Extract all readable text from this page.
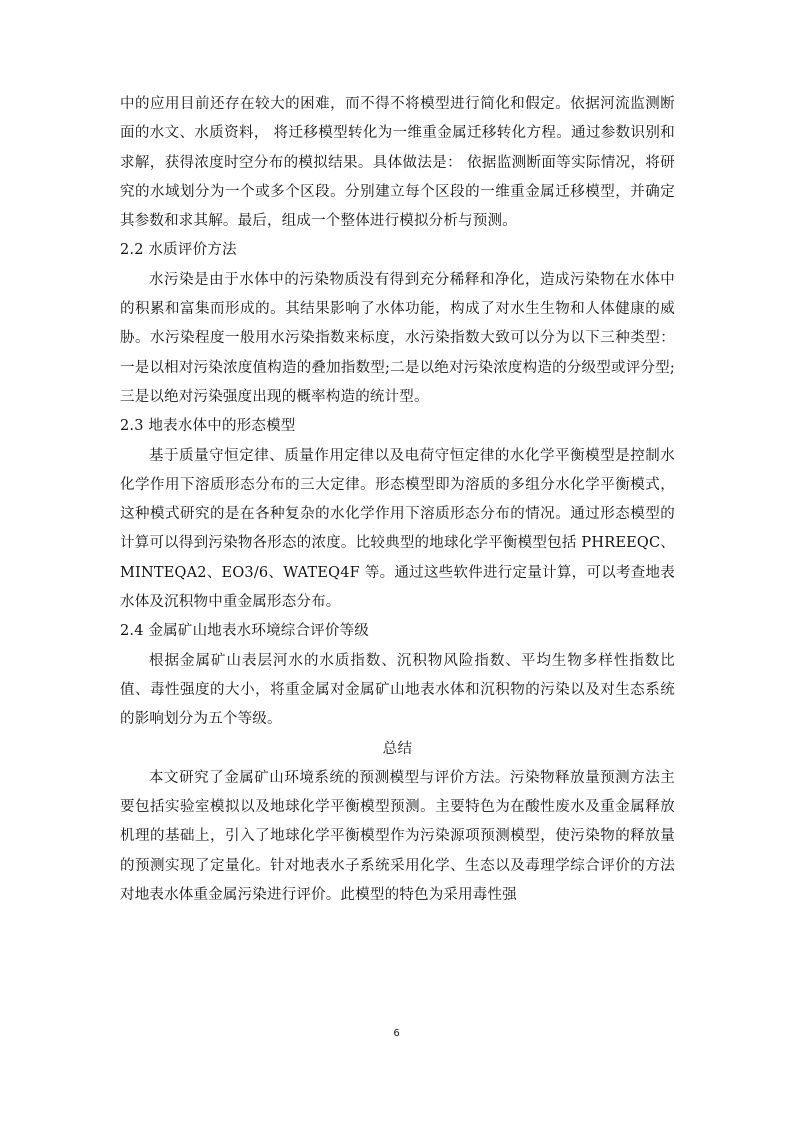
中的应用目前还存在较大的困难，而不得不将模型进行简化和假定。依据河流监测断面的水文、水质资料， 将迁移模型转化为一维重金属迁移转化方程。通过参数识别和求解，获得浓度时空分布的模拟结果。具体做法是： 依据监测断面等实际情况，将研究的水域划分为一个或多个区段。分别建立每个区段的一维重金属迁移模型，并确定其参数和求其解。最后，组成一个整体进行模拟分析与预测。

2.2 水质评价方法

水污染是由于水体中的污染物质没有得到充分稀释和净化，造成污染物在水体中的积累和富集而形成的。其结果影响了水体功能，构成了对水生生物和人体健康的威胁。水污染程度一般用水污染指数来标度，水污染指数大致可以分为以下三种类型：一是以相对污染浓度值构造的叠加指数型;二是以绝对污染浓度构造的分级型或评分型;三是以绝对污染强度出现的概率构造的统计型。

2.3 地表水体中的形态模型

基于质量守恒定律、质量作用定律以及电荷守恒定律的水化学平衡模型是控制水化学作用下溶质形态分布的三大定律。形态模型即为溶质的多组分水化学平衡模式，这种模式研究的是在各种复杂的水化学作用下溶质形态分布的情况。通过形态模型的计算可以得到污染物各形态的浓度。比较典型的地球化学平衡模型包括 PHREEQC、MINTEQA2、EO3/6、WATEQ4F 等。通过这些软件进行定量计算，可以考查地表水体及沉积物中重金属形态分布。

2.4 金属矿山地表水环境综合评价等级

根据金属矿山表层河水的水质指数、沉积物风险指数、平均生物多样性指数比值、毒性强度的大小，将重金属对金属矿山地表水体和沉积物的污染以及对生态系统的影响划分为五个等级。

总结

本文研究了金属矿山环境系统的预测模型与评价方法。污染物释放量预测方法主要包括实验室模拟以及地球化学平衡模型预测。主要特色为在酸性废水及重金属释放机理的基础上，引入了地球化学平衡模型作为污染源项预测模型，使污染物的释放量的预测实现了定量化。针对地表水子系统采用化学、生态以及毒理学综合评价的方法对地表水体重金属污染进行评价。此模型的特色为采用毒性强

6
